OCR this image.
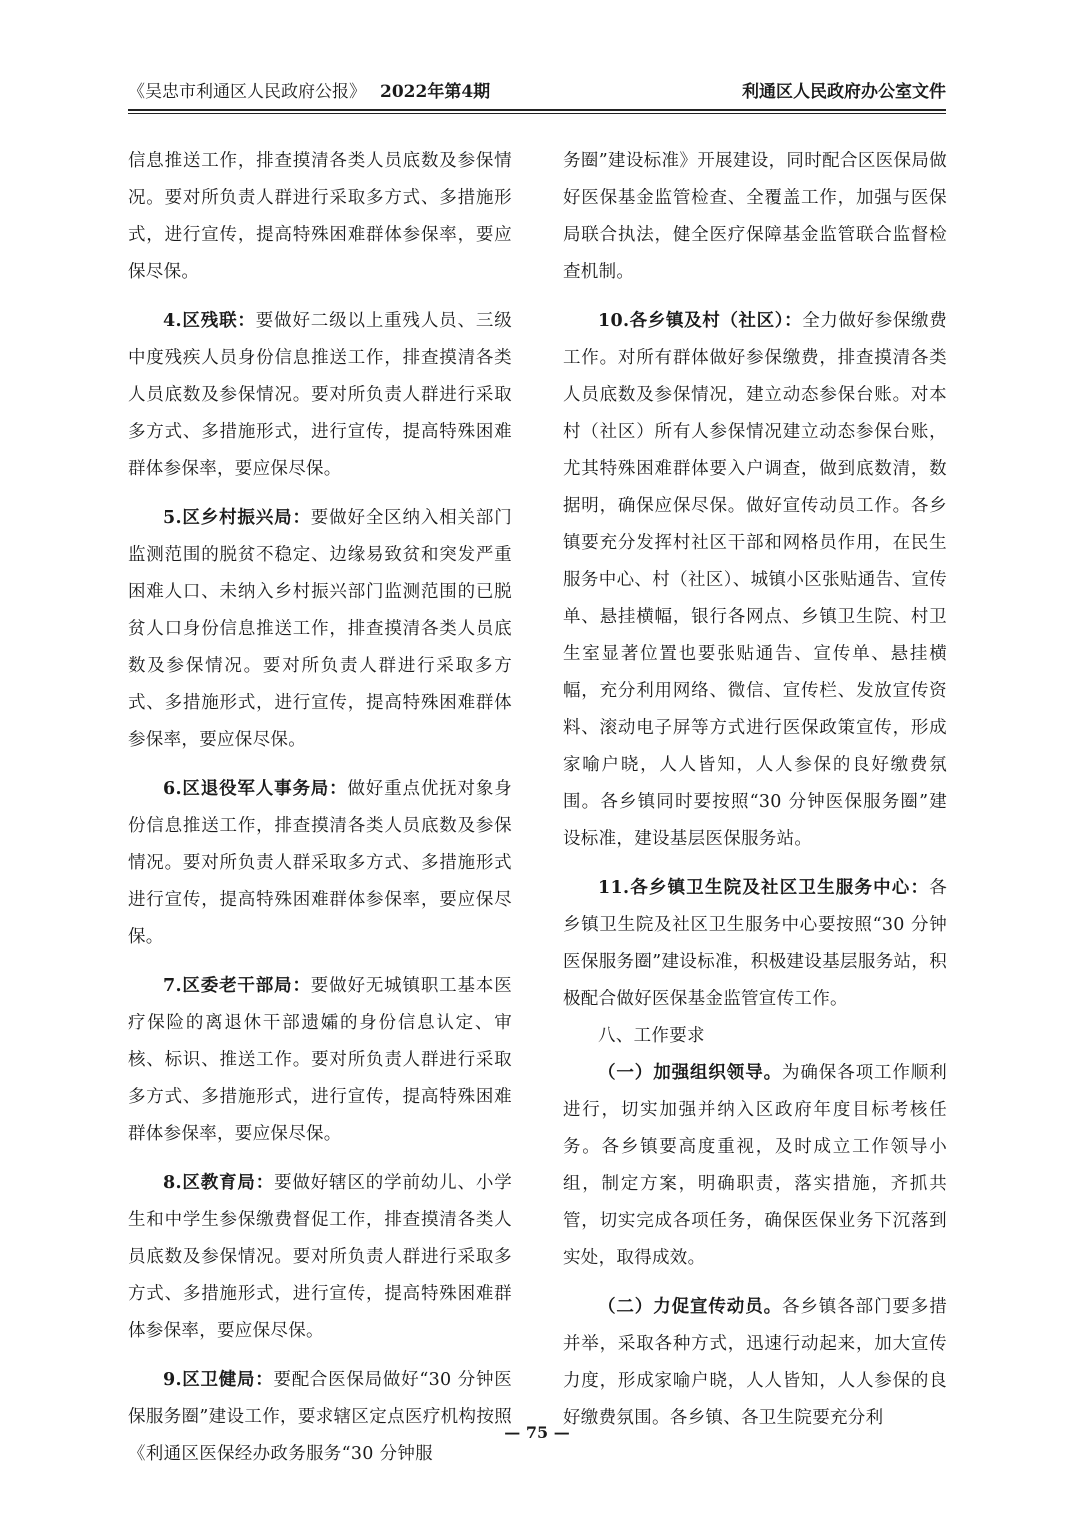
《吴忠市利通区人民政府公报》 2022年第4期	利通区人民政府办公室文件

信息推送工作，排查摸清各类人员底数及参保情况。要对所负责人群进行采取多方式、多措施形式，进行宣传，提高特殊困难群体参保率，要应保尽保。

4.区残联：要做好二级以上重残人员、三级中度残疾人员身份信息推送工作，排查摸清各类人员底数及参保情况。要对所负责人群进行采取多方式、多措施形式，进行宣传，提高特殊困难群体参保率，要应保尽保。

5.区乡村振兴局：要做好全区纳入相关部门监测范围的脱贫不稳定、边缘易致贫和突发严重困难人口、未纳入乡村振兴部门监测范围的已脱贫人口身份信息推送工作，排查摸清各类人员底数及参保情况。要对所负责人群进行采取多方式、多措施形式，进行宣传，提高特殊困难群体参保率，要应保尽保。

6.区退役军人事务局：做好重点优抚对象身份信息推送工作，排查摸清各类人员底数及参保情况。要对所负责人群采取多方式、多措施形式进行宣传，提高特殊困难群体参保率，要应保尽保。

7.区委老干部局：要做好无城镇职工基本医疗保险的离退休干部遗孀的身份信息认定、审核、标识、推送工作。要对所负责人群进行采取多方式、多措施形式，进行宣传，提高特殊困难群体参保率，要应保尽保。

8.区教育局：要做好辖区的学前幼儿、小学生和中学生参保缴费督促工作，排查摸清各类人员底数及参保情况。要对所负责人群进行采取多方式、多措施形式，进行宣传，提高特殊困难群体参保率，要应保尽保。

9.区卫健局：要配合医保局做好“30 分钟医保服务圈”建设工作，要求辖区定点医疗机构按照《利通区医保经办政务服务“30 分钟服

务圈”建设标准》开展建设，同时配合区医保局做好医保基金监管检查、全覆盖工作，加强与医保局联合执法，健全医疗保障基金监管联合监督检查机制。

10.各乡镇及村（社区）：全力做好参保缴费工作。对所有群体做好参保缴费，排查摸清各类人员底数及参保情况，建立动态参保台账。对本村（社区）所有人参保情况建立动态参保台账，尤其特殊困难群体要入户调查，做到底数清，数据明，确保应保尽保。做好宣传动员工作。各乡镇要充分发挥村社区干部和网格员作用，在民生服务中心、村（社区）、城镇小区张贴通告、宣传单、悬挂横幅，银行各网点、乡镇卫生院、村卫生室显著位置也要张贴通告、宣传单、悬挂横幅，充分利用网络、微信、宣传栏、发放宣传资料、滚动电子屏等方式进行医保政策宣传，形成家喻户晓，人人皆知，人人参保的良好缴费氛围。各乡镇同时要按照“30 分钟医保服务圈”建设标准，建设基层医保服务站。

11.各乡镇卫生院及社区卫生服务中心：各乡镇卫生院及社区卫生服务中心要按照“30 分钟医保服务圈”建设标准，积极建设基层服务站，积极配合做好医保基金监管宣传工作。

八、工作要求

（一）加强组织领导。为确保各项工作顺利进行，切实加强并纳入区政府年度目标考核任务。各乡镇要高度重视，及时成立工作领导小组，制定方案，明确职责，落实措施，齐抓共管，切实完成各项任务，确保医保业务下沉落到实处，取得成效。

（二）力促宣传动员。各乡镇各部门要多措并举，采取各种方式，迅速行动起来，加大宣传力度，形成家喻户晓，人人皆知，人人参保的良好缴费氛围。各乡镇、各卫生院要充分利

— 75 —
